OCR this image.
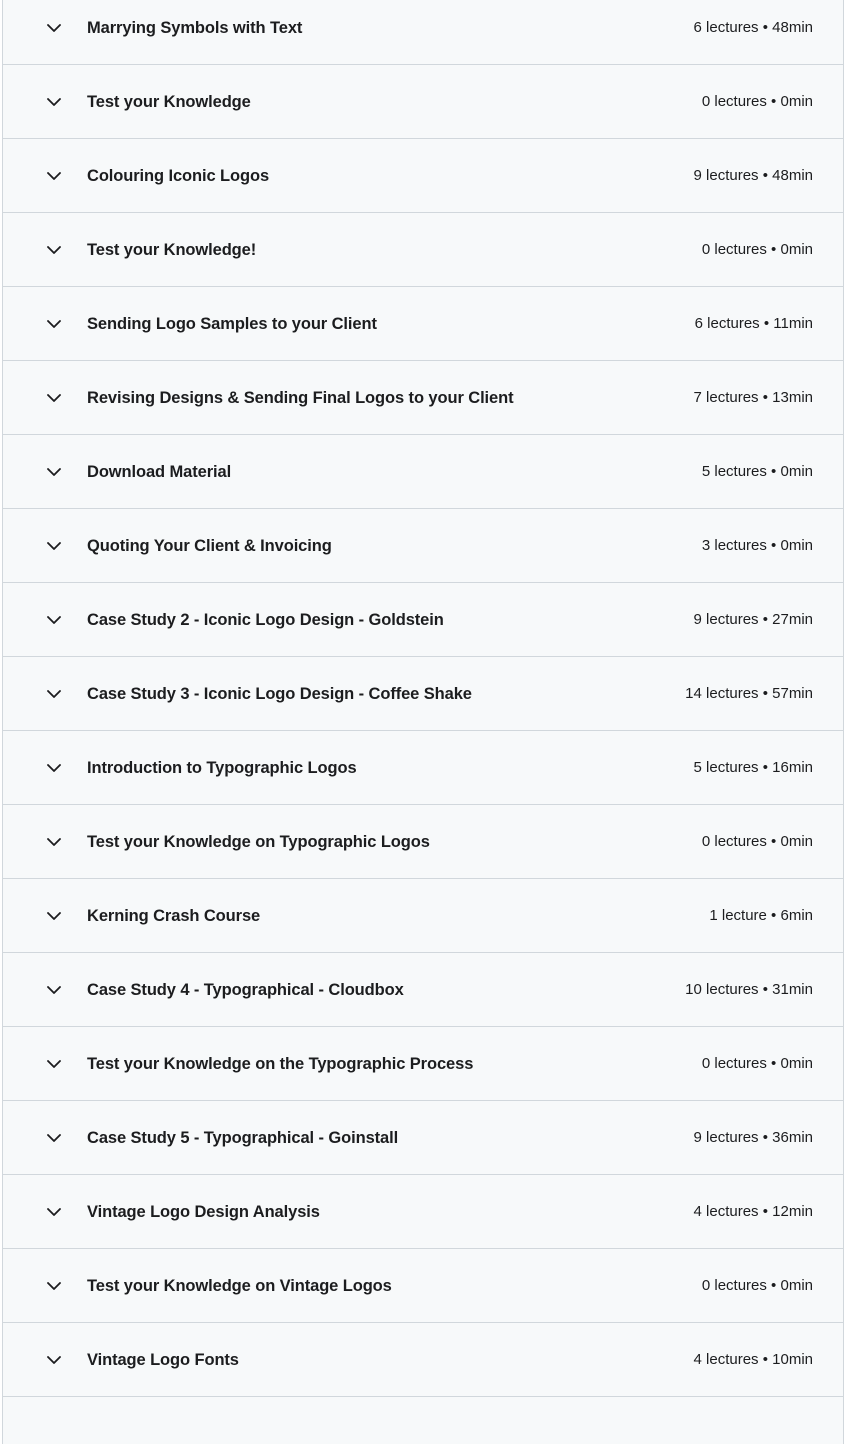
Marrying Symbols with Text	6 lectures • 48min
Test your Knowledge	0 lectures • 0min
Colouring Iconic Logos	9 lectures • 48min
Test your Knowledge!	0 lectures • 0min
Sending Logo Samples to your Client	6 lectures • 11min
Revising Designs & Sending Final Logos to your Client	7 lectures • 13min
Download Material	5 lectures • 0min
Quoting Your Client & Invoicing	3 lectures • 0min
Case Study 2 - Iconic Logo Design - Goldstein	9 lectures • 27min
Case Study 3 - Iconic Logo Design - Coffee Shake	14 lectures • 57min
Introduction to Typographic Logos	5 lectures • 16min
Test your Knowledge on Typographic Logos	0 lectures • 0min
Kerning Crash Course	1 lecture • 6min
Case Study 4 - Typographical - Cloudbox	10 lectures • 31min
Test your Knowledge on the Typographic Process	0 lectures • 0min
Case Study 5 - Typographical - Goinstall	9 lectures • 36min
Vintage Logo Design Analysis	4 lectures • 12min
Test your Knowledge on Vintage Logos	0 lectures • 0min
Vintage Logo Fonts	4 lectures • 10min
